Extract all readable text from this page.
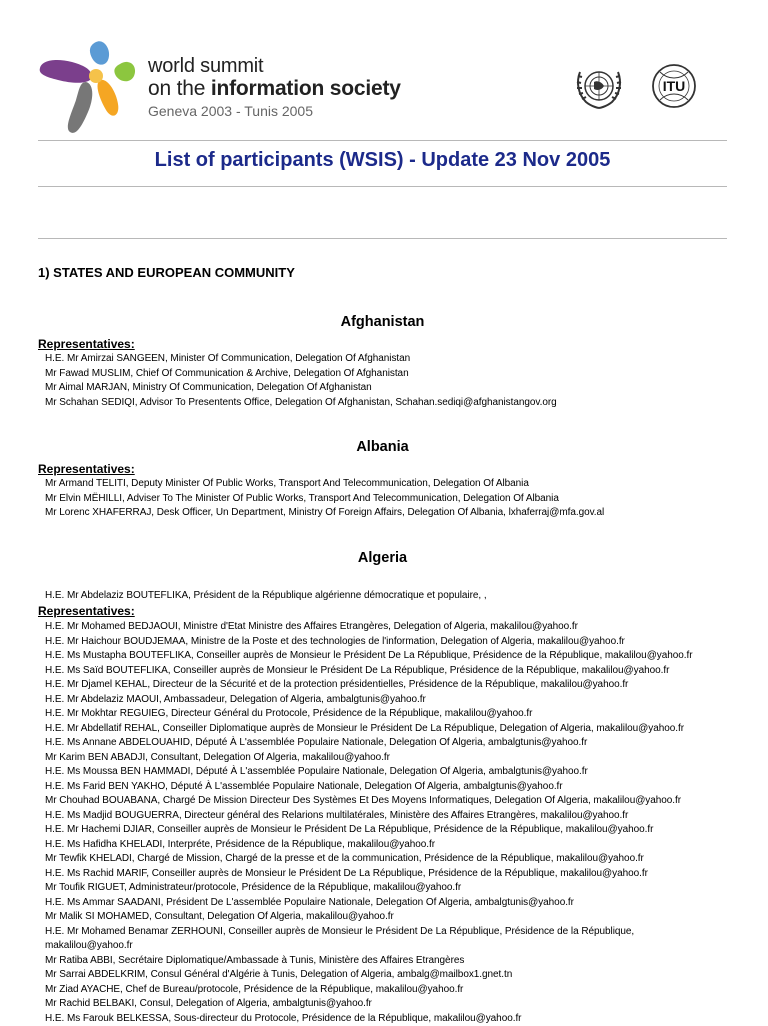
world summit
on the information society
Geneva 2003 - Tunis 2005
ITU
List of participants (WSIS) - Update 23 Nov 2005
1) STATES AND EUROPEAN COMMUNITY
Afghanistan
Representatives:
H.E. Mr Amirzai SANGEEN, Minister Of Communication, Delegation Of Afghanistan
Mr Fawad MUSLIM, Chief Of Communication & Archive, Delegation Of Afghanistan
Mr Aimal MARJAN, Ministry Of Communication, Delegation Of Afghanistan
Mr Schahan SEDIQI, Advisor To Presentents Office, Delegation Of Afghanistan, Schahan.sediqi@afghanistangov.org
Albania
Representatives:
Mr Armand TELITI, Deputy Minister Of Public Works, Transport And Telecommunication, Delegation Of Albania
Mr Elvin MËHILLI, Adviser To The Minister Of Public Works, Transport And Telecommunication, Delegation Of Albania
Mr Lorenc XHAFERRAJ, Desk Officer, Un Department, Ministry Of Foreign Affairs, Delegation Of Albania, lxhaferraj@mfa.gov.al
Algeria
H.E. Mr Abdelaziz BOUTEFLIKA, Président de la République algérienne démocratique et populaire, ,
Representatives:
H.E. Mr Mohamed BEDJAOUI, Ministre d'Etat Ministre des Affaires Etrangères, Delegation of Algeria, makalilou@yahoo.fr
H.E. Mr Haichour BOUDJEMAA, Ministre de la Poste et des technologies de l'information, Delegation of Algeria, makalilou@yahoo.fr
H.E. Ms Mustapha BOUTEFLIKA, Conseiller auprès de Monsieur le Président De La République, Présidence de la République, makalilou@yahoo.fr
H.E. Ms Saïd BOUTEFLIKA, Conseiller auprès de Monsieur le Président De La République, Présidence de la République, makalilou@yahoo.fr
H.E. Mr Djamel KEHAL, Directeur de la Sécurité et de la protection présidentielles, Présidence de la République, makalilou@yahoo.fr
H.E. Mr Abdelaziz MAOUI, Ambassadeur, Delegation of Algeria, ambalgtunis@yahoo.fr
H.E. Mr Mokhtar REGUIEG, Directeur Général du Protocole, Présidence de la République, makalilou@yahoo.fr
H.E. Mr Abdellatif REHAL, Conseiller Diplomatique auprès de Monsieur le Président De La République, Delegation of Algeria, makalilou@yahoo.fr
H.E. Ms Annane ABDELOUAHID, Député À L'assemblée Populaire Nationale, Delegation Of Algeria, ambalgtunis@yahoo.fr
Mr Karim BEN ABADJI, Consultant, Delegation Of Algeria, makalilou@yahoo.fr
H.E. Ms Moussa BEN HAMMADI, Député À L'assemblée Populaire Nationale, Delegation Of Algeria, ambalgtunis@yahoo.fr
H.E. Ms Farid BEN YAKHO, Député À L'assemblée Populaire Nationale, Delegation Of Algeria, ambalgtunis@yahoo.fr
Mr Chouhad BOUABANA, Chargé De Mission Directeur Des Systèmes Et Des Moyens Informatiques, Delegation Of Algeria, makalilou@yahoo.fr
H.E. Ms Madjid BOUGUERRA, Directeur général des Relarions multilatérales, Ministère des Affaires Etrangères, makalilou@yahoo.fr
H.E. Mr Hachemi DJIAR, Conseiller auprès de Monsieur le Président De La République, Présidence de la République, makalilou@yahoo.fr
H.E. Ms Hafidha KHELADI, Interpréte, Présidence de la République, makalilou@yahoo.fr
Mr Tewfik KHELADI, Chargé de Mission, Chargé de la presse et de la communication, Présidence de la République, makalilou@yahoo.fr
H.E. Ms Rachid MARIF, Conseiller auprès de Monsieur le Président De La République, Présidence de la République, makalilou@yahoo.fr
Mr Toufik RIGUET, Administrateur/protocole, Présidence de la République, makalilou@yahoo.fr
H.E. Ms Ammar SAADANI, Président De L'assemblée Populaire Nationale, Delegation Of Algeria, ambalgtunis@yahoo.fr
Mr Malik SI MOHAMED, Consultant, Delegation Of Algeria, makalilou@yahoo.fr
H.E. Mr Mohamed Benamar ZERHOUNI, Conseiller auprès de Monsieur le Président De La République, Présidence de la République, makalilou@yahoo.fr
Mr Ratiba ABBI, Secrétaire Diplomatique/Ambassade à Tunis, Ministère des Affaires Etrangères
Mr Sarrai ABDELKRIM, Consul Général d'Algérie à Tunis, Delegation of Algeria, ambalg@mailbox1.gnet.tn
Mr Ziad AYACHE, Chef de Bureau/protocole, Présidence de la République, makalilou@yahoo.fr
Mr Rachid BELBAKI, Consul, Delegation of Algeria, ambalgtunis@yahoo.fr
H.E. Ms Farouk BELKESSA, Sous-directeur du Protocole, Présidence de la République, makalilou@yahoo.fr
